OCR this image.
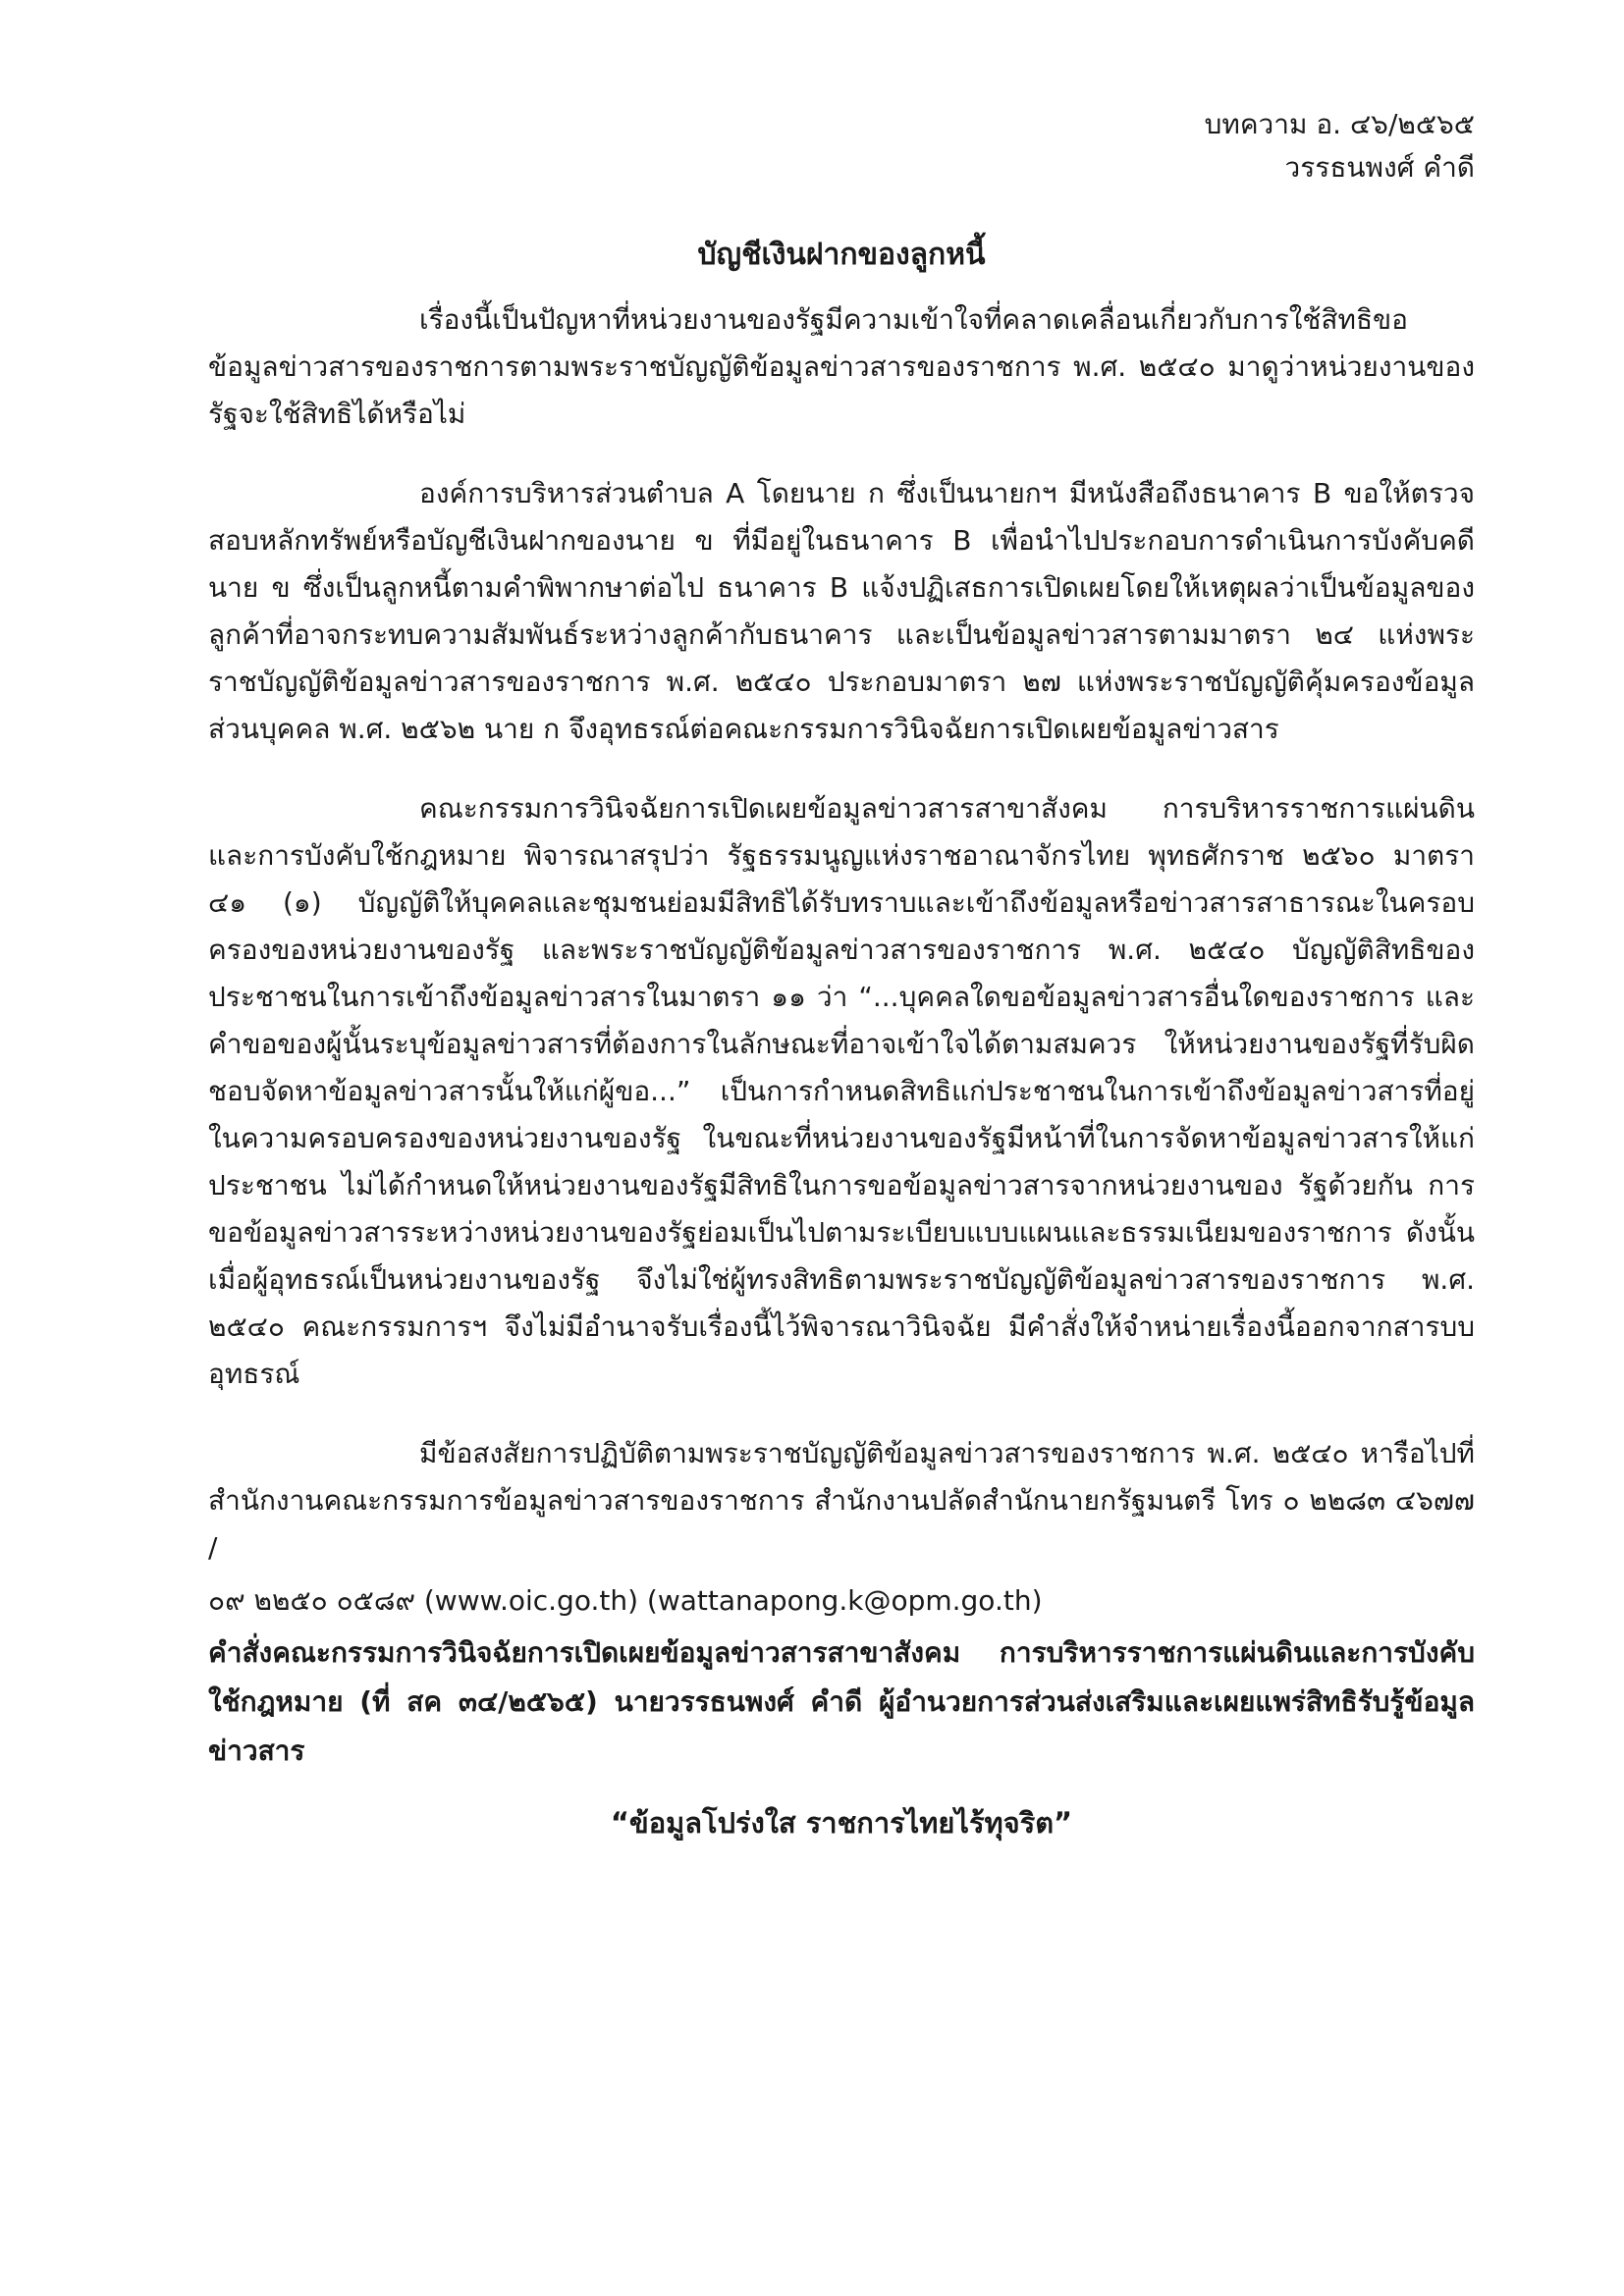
บทความ อ. ๔๖/๒๕๖๕
วรรธนพงศ์ คำดี
บัญชีเงินฝากของลูกหนี้

เรื่องนี้เป็นปัญหาที่หน่วยงานของรัฐมีความเข้าใจที่คลาดเคลื่อนเกี่ยวกับการใช้สิทธิขอข้อมูลข่าวสารของราชการตามพระราชบัญญัติข้อมูลข่าวสารของราชการ พ.ศ. ๒๕๔๐ มาดูว่าหน่วยงานของรัฐจะใช้สิทธิได้หรือไม่

องค์การบริหารส่วนตำบล A โดยนาย ก ซึ่งเป็นนายกฯ มีหนังสือถึงธนาคาร B ขอให้ตรวจสอบหลักทรัพย์หรือบัญชีเงินฝากของนาย ข ที่มีอยู่ในธนาคาร B เพื่อนำไปประกอบการดำเนินการบังคับคดีนาย ข ซึ่งเป็นลูกหนี้ตามคำพิพากษาต่อไป ธนาคาร B แจ้งปฏิเสธการเปิดเผยโดยให้เหตุผลว่าเป็นข้อมูลของลูกค้าที่อาจกระทบความสัมพันธ์ระหว่างลูกค้ากับธนาคาร และเป็นข้อมูลข่าวสารตามมาตรา ๒๔ แห่งพระราชบัญญัติข้อมูลข่าวสารของราชการ พ.ศ. ๒๕๔๐ ประกอบมาตรา ๒๗ แห่งพระราชบัญญัติคุ้มครองข้อมูลส่วนบุคคล พ.ศ. ๒๕๖๒ นาย ก จึงอุทธรณ์ต่อคณะกรรมการวินิจฉัยการเปิดเผยข้อมูลข่าวสาร

คณะกรรมการวินิจฉัยการเปิดเผยข้อมูลข่าวสารสาขาสังคม การบริหารราชการแผ่นดินและการบังคับใช้กฎหมาย พิจารณาสรุปว่า รัฐธรรมนูญแห่งราชอาณาจักรไทย พุทธศักราช ๒๕๖๐ มาตรา ๔๑ (๑) บัญญัติให้บุคคลและชุมชนย่อมมีสิทธิได้รับทราบและเข้าถึงข้อมูลหรือข่าวสารสาธารณะในครอบครองของหน่วยงานของรัฐ และพระราชบัญญัติข้อมูลข่าวสารของราชการ พ.ศ. ๒๕๔๐ บัญญัติสิทธิของประชาชนในการเข้าถึงข้อมูลข่าวสารในมาตรา ๑๑ ว่า “...บุคคลใดขอข้อมูลข่าวสารอื่นใดของราชการ และคำขอของผู้นั้นระบุข้อมูลข่าวสารที่ต้องการในลักษณะที่อาจเข้าใจได้ตามสมควร ให้หน่วยงานของรัฐที่รับผิดชอบจัดหาข้อมูลข่าวสารนั้นให้แก่ผู้ขอ...” เป็นการกำหนดสิทธิแก่ประชาชนในการเข้าถึงข้อมูลข่าวสารที่อยู่ในความครอบครองของหน่วยงานของรัฐ ในขณะที่หน่วยงานของรัฐมีหน้าที่ในการจัดหาข้อมูลข่าวสารให้แก่ประชาชน ไม่ได้กำหนดให้หน่วยงานของรัฐมีสิทธิในการขอข้อมูลข่าวสารจากหน่วยงานของ รัฐด้วยกัน การขอข้อมูลข่าวสารระหว่างหน่วยงานของรัฐย่อมเป็นไปตามระเบียบแบบแผนและธรรมเนียมของราชการ ดังนั้น เมื่อผู้อุทธรณ์เป็นหน่วยงานของรัฐ จึงไม่ใช่ผู้ทรงสิทธิตามพระราชบัญญัติข้อมูลข่าวสารของราชการ พ.ศ. ๒๕๔๐ คณะกรรมการฯ จึงไม่มีอำนาจรับเรื่องนี้ไว้พิจารณาวินิจฉัย มีคำสั่งให้จำหน่ายเรื่องนี้ออกจากสารบบอุทธรณ์

มีข้อสงสัยการปฏิบัติตามพระราชบัญญัติข้อมูลข่าวสารของราชการ พ.ศ. ๒๕๔๐ หารือไปที่สำนักงานคณะกรรมการข้อมูลข่าวสารของราชการ สำนักงานปลัดสำนักนายกรัฐมนตรี โทร ๐ ๒๒๘๓ ๔๖๗๗ /

๐๙ ๒๒๕๐ ๐๕๘๙ (www.oic.go.th) (wattanapong.k@opm.go.th)

คำสั่งคณะกรรมการวินิจฉัยการเปิดเผยข้อมูลข่าวสารสาขาสังคม การบริหารราชการแผ่นดินและการบังคับใช้กฎหมาย (ที่ สค ๓๔/๒๕๖๕) นายวรรธนพงศ์ คำดี ผู้อำนวยการส่วนส่งเสริมและเผยแพร่สิทธิรับรู้ข้อมูลข่าวสาร

“ข้อมูลโปร่งใส ราชการไทยไร้ทุจริต”
